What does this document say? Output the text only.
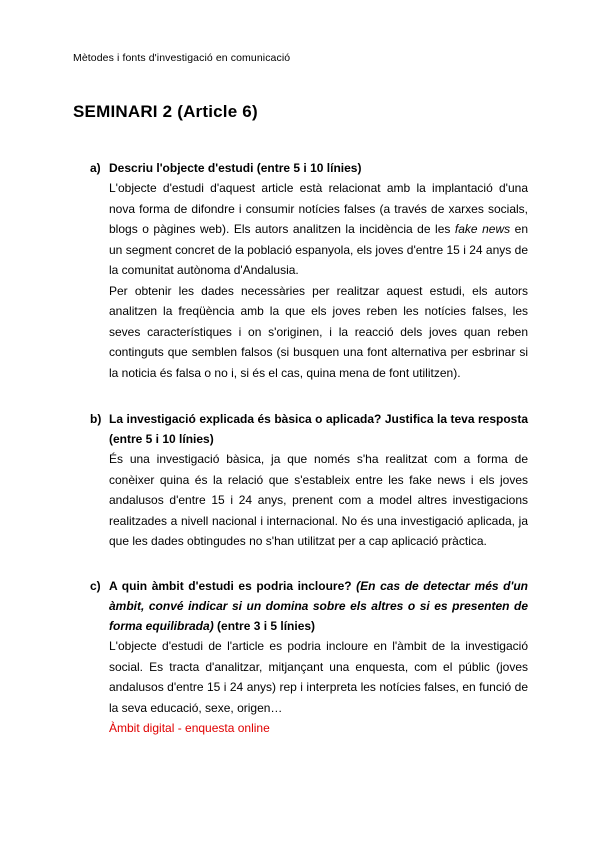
Mètodes i fonts d'investigació en comunicació
SEMINARI 2 (Article 6)
a) Descriu l'objecte d'estudi (entre 5 i 10 línies)

L'objecte d'estudi d'aquest article està relacionat amb la implantació d'una nova forma de difondre i consumir notícies falses (a través de xarxes socials, blogs o pàgines web). Els autors analitzen la incidència de les fake news en un segment concret de la població espanyola, els joves d'entre 15 i 24 anys de la comunitat autònoma d'Andalusia.

Per obtenir les dades necessàries per realitzar aquest estudi, els autors analitzen la freqüència amb la que els joves reben les notícies falses, les seves característiques i on s'originen, i la reacció dels joves quan reben continguts que semblen falsos (si busquen una font alternativa per esbrinar si la noticia és falsa o no i, si és el cas, quina mena de font utilitzen).

b) La investigació explicada és bàsica o aplicada? Justifica la teva resposta (entre 5 i 10 línies)

És una investigació bàsica, ja que només s'ha realitzat com a forma de conèixer quina és la relació que s'estableix entre les fake news i els joves andalusos d'entre 15 i 24 anys, prenent com a model altres investigacions realitzades a nivell nacional i internacional. No és una investigació aplicada, ja que les dades obtingudes no s'han utilitzat per a cap aplicació pràctica.

c) A quin àmbit d'estudi es podria incloure? (En cas de detectar més d'un àmbit, convé indicar si un domina sobre els altres o si es presenten de forma equilibrada) (entre 3 i 5 línies)

L'objecte d'estudi de l'article es podria incloure en l'àmbit de la investigació social. Es tracta d'analitzar, mitjançant una enquesta, com el públic (joves andalusos d'entre 15 i 24 anys) rep i interpreta les notícies falses, en funció de la seva educació, sexe, origen…

Àmbit digital - enquesta online
